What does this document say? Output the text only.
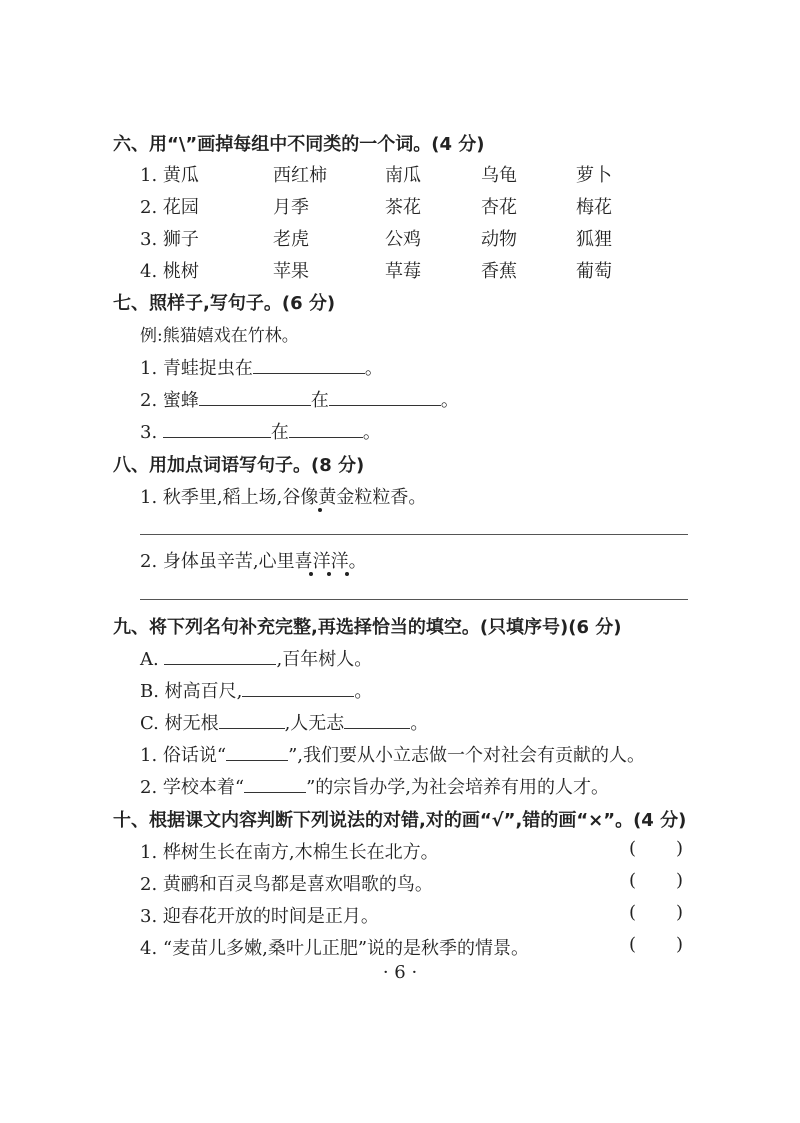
六、用“\”画掉每组中不同类的一个词。(4 分)
1. 黄瓜	西红柿	南瓜	乌龟	萝卜
2. 花园	月季	茶花	杏花	梅花
3. 狮子	老虎	公鸡	动物	狐狸
4. 桃树	苹果	草莓	香蕉	葡萄
七、照样子,写句子。(6 分)
例:熊猫嬉戏在竹林。
1. 青蛙捉虫在	。
2. 蜜蜂	在	。
3.	在	。
八、用加点词语写句子。(8 分)
1. 秋季里,稻上场,谷像黄金粒粒香。
2. 身体虽辛苦,心里喜洋洋。
九、将下列名句补充完整,再选择恰当的填空。(只填序号)(6 分)
A.	,百年树人。
B. 树高百尺,	。
C. 树无根	,人无志	。
1. 俗话说“	”,我们要从小立志做一个对社会有贡献的人。
2. 学校本着“	”的宗旨办学,为社会培养有用的人才。
十、根据课文内容判断下列说法的对错,对的画“√”,错的画“×”。(4 分)
1. 桦树生长在南方,木棉生长在北方。	( )
2. 黄鹂和百灵鸟都是喜欢唱歌的鸟。	( )
3. 迎春花开放的时间是正月。	( )
4. “麦苗儿多嫩,桑叶儿正肥”说的是秋季的情景。	( )
· 6 ·
